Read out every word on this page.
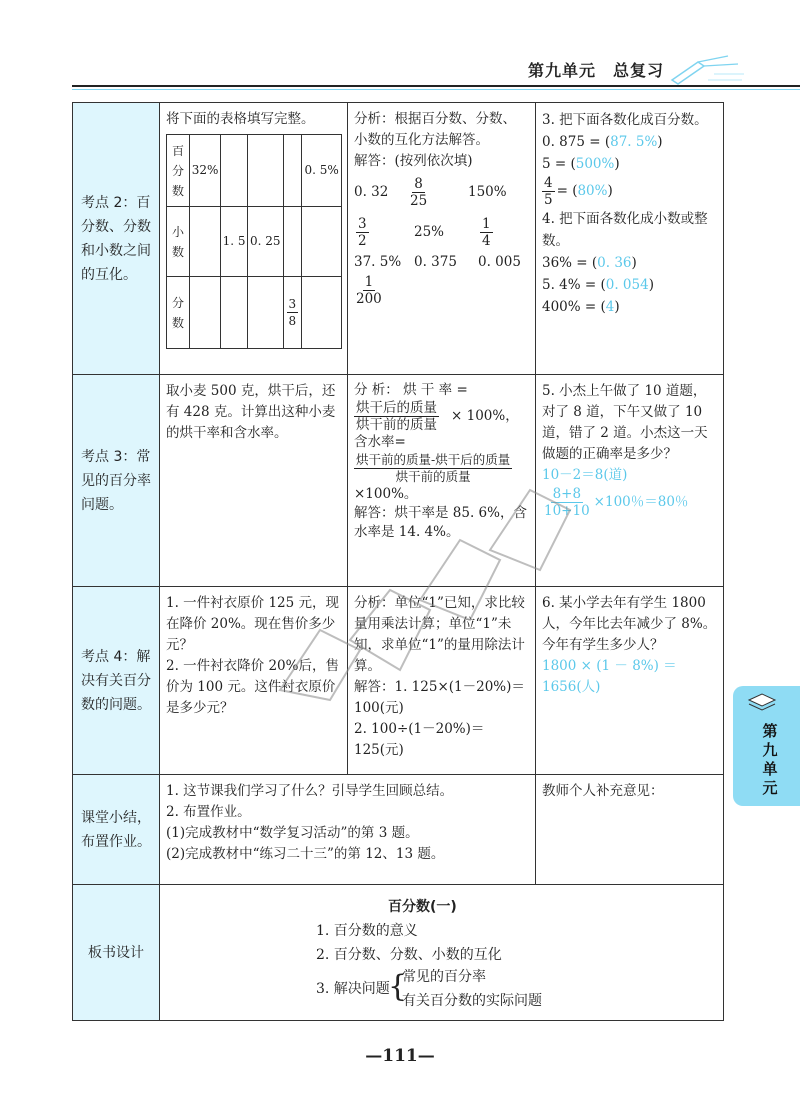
第九单元　总复习
考点 2：百分数、分数和小数之间的互化。	
将下面的表格填写完整。
百分数	32%				0. 5%
小数		1. 5	0. 25		
分数				$\frac{3}{8}$

分析：根据百分数、分数、小数的互化方法解答。
解答：(按列依次填)
0. 32	$\frac{8}{25}$	150%
$\frac{3}{2}$	25%	$\frac{1}{4}$
37. 5% 0. 375	0. 005
$\frac{1}{200}$

3. 把下面各数化成百分数。
0. 875 = (87. 5%)
5 = (500%)
$\frac{4}{5} = (80\%)$
4. 把下面各数化成小数或整数。
36% = (0. 36)
5. 4% = (0. 054)
400% = (4)

考点 3：常见的百分率问题。	
取小麦 500 克，烘干后，还有 428 克。计算出这种小麦的烘干率和含水率。

分 析： 烘 干 率 =
$\frac{\text{烘干后的质量}}{\text{烘干前的质量}} \times 100\%$，
含水率=
$\frac{\text{烘干前的质量-烘干后的质量}}{\text{烘干前的质量}}$
×100%。
解答：烘干率是 85. 6%，含水率是 14. 4%。

5. 小杰上午做了 10 道题，对了 8 道，下午又做了 10 道，错了 2 道。小杰这一天做题的正确率是多少？
10－2＝8(道)
$\frac{8+8}{10+10} \times 100$％＝80％

考点 4：解决有关百分数的问题。	
1. 一件衬衣原价 125 元，现在降价 20%。现在售价多少元？
2. 一件衬衣降价 20%后，售价为 100 元。这件衬衣原价是多少元？

分析：单位“1”已知，求比较量用乘法计算；单位“1”未知，求单位“1”的量用除法计算。
解答：1. 125×(1－20%)＝100(元)
2. 100÷(1－20%)＝125(元)

6. 某小学去年有学生 1800 人，今年比去年减少了 8%。今年有学生多少人？
1800 × (1 － 8%) ＝ 1656(人)

课堂小结，布置作业。	
1. 这节课我们学习了什么？引导学生回顾总结。
2. 布置作业。
(1)完成教材中“数学复习活动”的第 3 题。
(2)完成教材中“练习二十三”的第 12、13 题。

教师个人补充意见：

板书设计	
百分数(一)
1. 百分数的意义
2. 百分数、分数、小数的互化
3. 解决问题
{
常见的百分率
有关百分数的实际问题
第九单元
—111—
